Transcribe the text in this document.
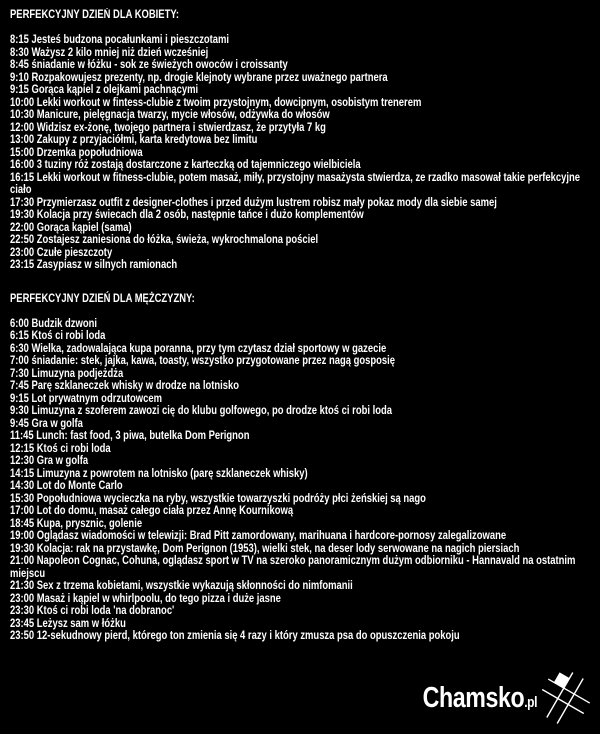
PERFEKCYJNY DZIEŃ DLA KOBIETY:
8:15 Jesteś budzona pocałunkami i pieszczotami
8:30 Ważysz 2 kilo mniej niż dzień wcześniej
8:45 śniadanie w łóżku - sok ze świeżych owoców i croissanty
9:10 Rozpakowujesz prezenty, np. drogie klejnoty wybrane przez uważnego partnera
9:15 Gorąca kąpiel z olejkami pachnącymi
10:00 Lekki workout w fintess-clubie z twoim przystojnym, dowcipnym, osobistym trenerem
10:30 Manicure, pielęgnacja twarzy, mycie włosów, odżywka do włosów
12:00 Widzisz ex-żonę, twojego partnera i stwierdzasz, że przytyła 7 kg
13:00 Zakupy z przyjaciółmi, karta kredytowa bez limitu
15:00 Drzemka popołudniowa
16:00 3 tuziny róż zostają dostarczone z karteczką od tajemniczego wielbiciela
16:15 Lekki workout w fitness-clubie, potem masaż, miły, przystojny masażysta stwierdza, ze rzadko masował takie perfekcyjne ciało
17:30 Przymierzasz outfit z designer-clothes i przed dużym lustrem robisz mały pokaz mody dla siebie samej
19:30 Kolacja przy świecach dla 2 osób, następnie tańce i dużo komplementów
22:00 Gorąca kąpiel (sama)
22:50 Zostajesz zaniesiona do łóżka, świeża, wykrochmalona pościel
23:00 Czułe pieszczoty
23:15 Zasypiasz w silnych ramionach
PERFEKCYJNY DZIEŃ DLA MĘŻCZYZNY:
6:00 Budzik dzwoni
6:15 Ktoś ci robi loda
6:30 Wielka, zadowalająca kupa poranna, przy tym czytasz dział sportowy w gazecie
7:00 śniadanie: stek, jajka, kawa, toasty, wszystko przygotowane przez nagą gosposię
7:30 Limuzyna podjeżdża
7:45 Parę szklaneczek whisky w drodze na lotnisko
9:15 Lot prywatnym odrzutowcem
9:30 Limuzyna z szoferem zawozi cię do klubu golfowego, po drodze ktoś ci robi loda
9:45 Gra w golfa
11:45 Lunch: fast food, 3 piwa, butelka Dom Perignon
12:15 Ktoś ci robi loda
12:30 Gra w golfa
14:15 Limuzyna z powrotem na lotnisko (parę szklaneczek whisky)
14:30 Lot do Monte Carlo
15:30 Popołudniowa wycieczka na ryby, wszystkie towarzyszki podróży płci żeńskiej są nago
17:00 Lot do domu, masaż całego ciała przez Annę Kournikową
18:45 Kupa, prysznic, golenie
19:00 Oglądasz wiadomości w telewizji: Brad Pitt zamordowany, marihuana i hardcore-pornosy zalegalizowane
19:30 Kolacja: rak na przystawkę, Dom Perignon (1953), wielki stek, na deser lody serwowane na nagich piersiach
21:00 Napoleon Cognac, Cohuna, oglądasz sport w TV na szeroko panoramicznym dużym odbiorniku - Hannavald na ostatnim miejscu
21:30 Sex z trzema kobietami, wszystkie wykazują skłonności do nimfomanii
23:00 Masaż i kąpiel w whirlpoolu, do tego pizza i duże jasne
23:30 Ktoś ci robi loda 'na dobranoc'
23:45 Leżysz sam w łóżku
23:50 12-sekudnowy pierd, którego ton zmienia się 4 razy i który zmusza psa do opuszczenia pokoju
Chamsko.pl
